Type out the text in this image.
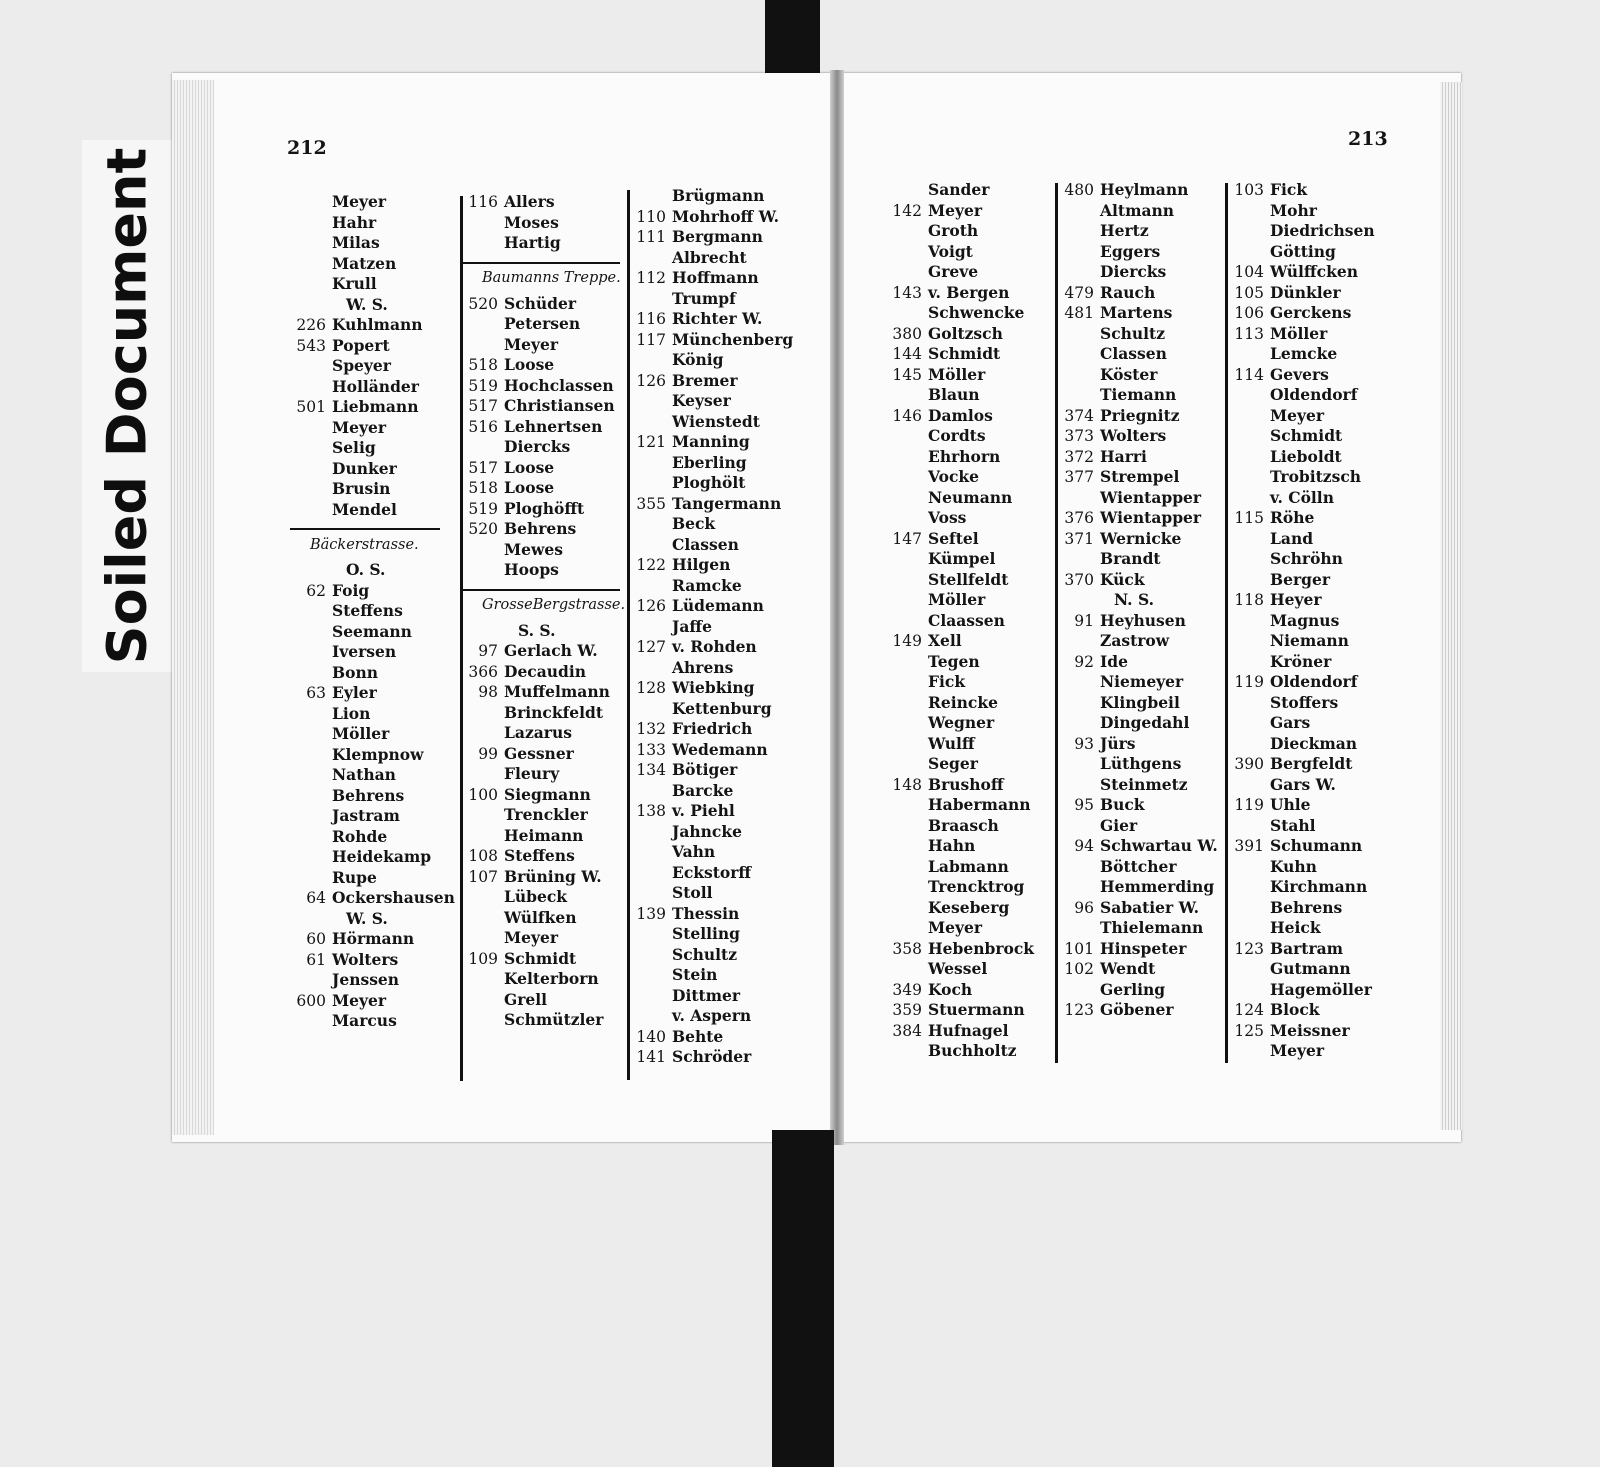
Soiled Document	212	213
Meyer
Hahr
Milas
Matzen
Krull
W. S.
226 Kuhlmann
543 Popert
Speyer
Holländer
501 Liebmann
Meyer
Selig
Dunker
Brusin
Mendel
Bäckerstrasse.
O. S.
62 Foig
Steffens
Seemann
Iversen
Bonn
63 Eyler
Lion
Möller
Klempnow
Nathan
Behrens
Jastram
Rohde
Heidekamp
Rupe
64 Ockershausen
W. S.
60 Hörmann
61 Wolters
Jenssen
600 Meyer
Marcus
116 Allers
Moses
Hartig
Baumanns Treppe.
520 Schüder
Petersen
Meyer
518 Loose
519 Hochclassen
517 Christiansen
516 Lehnertsen
Diercks
517 Loose
518 Loose
519 Ploghöfft
520 Behrens
Mewes
Hoops
GrosseBergstrasse.
S. S.
97 Gerlach W.
366 Decaudin
98 Muffelmann
Brinckfeldt
Lazarus
99 Gessner
Fleury
100 Siegmann
Trenckler
Heimann
108 Steffens
107 Brüning W.
Lübeck
Wülfken
Meyer
109 Schmidt
Kelterborn
Grell
Schmützler
Brügmann
110 Mohrhoff W.
111 Bergmann
Albrecht
112 Hoffmann
Trumpf
116 Richter W.
117 Münchenberg
König
126 Bremer
Keyser
Wienstedt
121 Manning
Eberling
Ploghölt
355 Tangermann
Beck
Classen
122 Hilgen
Ramcke
126 Lüdemann
Jaffe
127 v. Rohden
Ahrens
128 Wiebking
Kettenburg
132 Friedrich
133 Wedemann
134 Bötiger
Barcke
138 v. Piehl
Jahncke
Vahn
Eckstorff
Stoll
139 Thessin
Stelling
Schultz
Stein
Dittmer
v. Aspern
140 Behte
141 Schröder
Sander
142 Meyer
Groth
Voigt
Greve
143 v. Bergen
Schwencke
380 Goltzsch
144 Schmidt
145 Möller
Blaun
146 Damlos
Cordts
Ehrhorn
Vocke
Neumann
Voss
147 Seftel
Kümpel
Stellfeldt
Möller
Claassen
149 Xell
Tegen
Fick
Reincke
Wegner
Wulff
Seger
148 Brushoff
Habermann
Braasch
Hahn
Labmann
Trencktrog
Keseberg
Meyer
358 Hebenbrock
Wessel
349 Koch
359 Stuermann
384 Hufnagel
Buchholtz
480 Heylmann
Altmann
Hertz
Eggers
Diercks
479 Rauch
481 Martens
Schultz
Classen
Köster
Tiemann
374 Priegnitz
373 Wolters
372 Harri
377 Strempel
Wientapper
376 Wientapper
371 Wernicke
Brandt
370 Kück
N. S.
91 Heyhusen
Zastrow
92 Ide
Niemeyer
Klingbeil
Dingedahl
93 Jürs
Lüthgens
Steinmetz
95 Buck
Gier
94 Schwartau W.
Böttcher
Hemmerding
96 Sabatier W.
Thielemann
101 Hinspeter
102 Wendt
Gerling
123 Göbener
103 Fick
Mohr
Diedrichsen
Götting
104 Wülffcken
105 Dünkler
106 Gerckens
113 Möller
Lemcke
114 Gevers
Oldendorf
Meyer
Schmidt
Lieboldt
Trobitzsch
v. Cölln
115 Röhe
Land
Schröhn
Berger
118 Heyer
Magnus
Niemann
Kröner
119 Oldendorf
Stoffers
Gars
Dieckman
390 Bergfeldt
Gars W.
119 Uhle
Stahl
391 Schumann
Kuhn
Kirchmann
Behrens
Heick
123 Bartram
Gutmann
Hagemöller
124 Block
125 Meissner
Meyer
